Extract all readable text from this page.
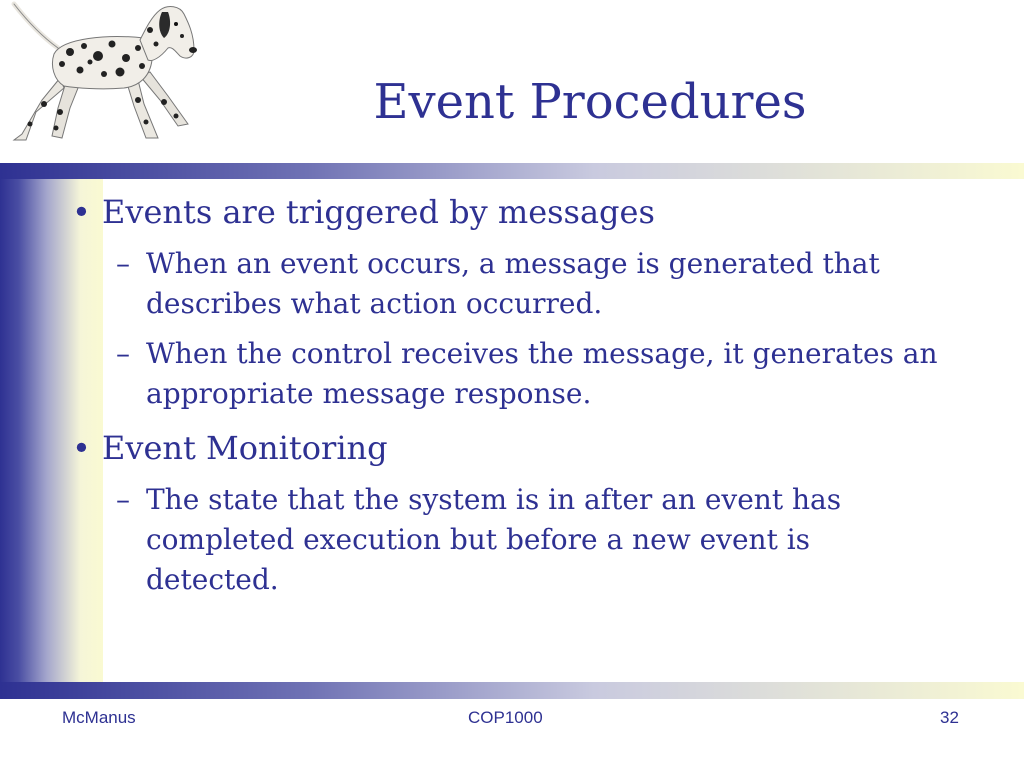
Event Procedures
• Events are triggered by messages
– When an event occurs, a message is generated that describes what action occurred.
– When the control receives the message, it generates an appropriate message response.
• Event Monitoring
– The state that the system is in after an event has completed execution but before a new event is detected.
McManus	COP1000	32
